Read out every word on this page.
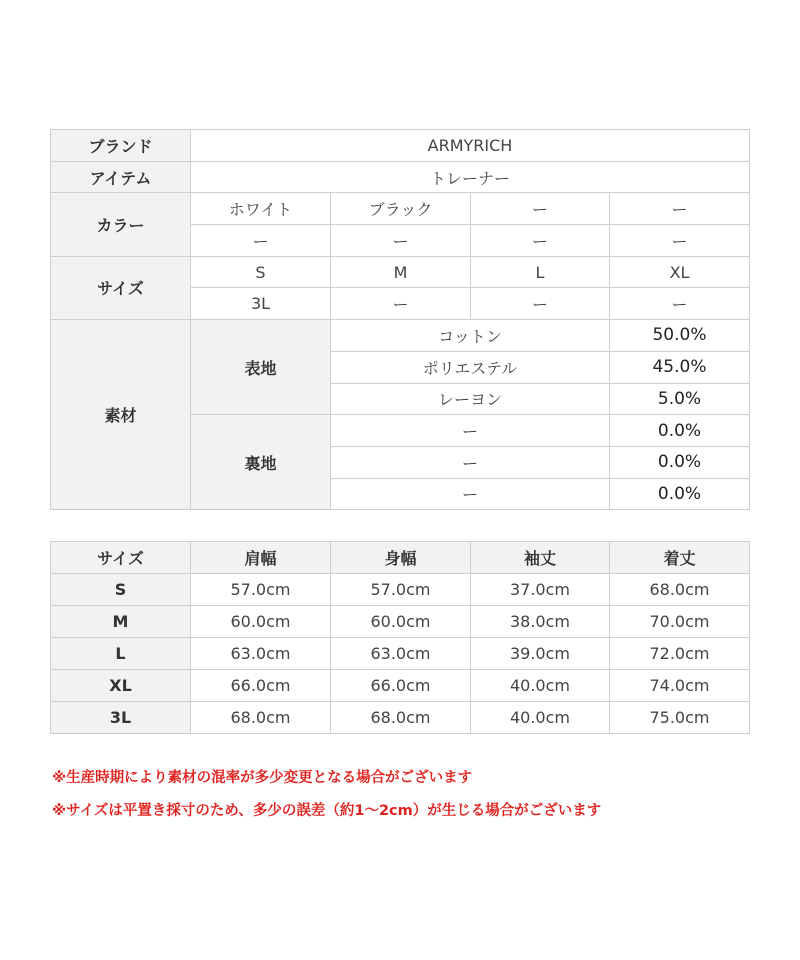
ブランド	ARMYRICH			
アイテム	トレーナー			
カラー	ホワイト	ブラック	ー	ー
	ー	ー	ー	ー
サイズ	S	M	L	XL
	3L	ー	ー	ー
素材	表地	コットン		50.0%
		ポリエステル		45.0%
		レーヨン		5.0%
	裏地	ー		0.0%
		ー		0.0%
		ー		0.0%
サイズ	肩幅	身幅	袖丈	着丈
S	57.0cm	57.0cm	37.0cm	68.0cm
M	60.0cm	60.0cm	38.0cm	70.0cm
L	63.0cm	63.0cm	39.0cm	72.0cm
XL	66.0cm	66.0cm	40.0cm	74.0cm
3L	68.0cm	68.0cm	40.0cm	75.0cm
※生産時期により素材の混率が多少変更となる場合がございます
※サイズは平置き採寸のため、多少の誤差（約1～2cm）が生じる場合がございます
